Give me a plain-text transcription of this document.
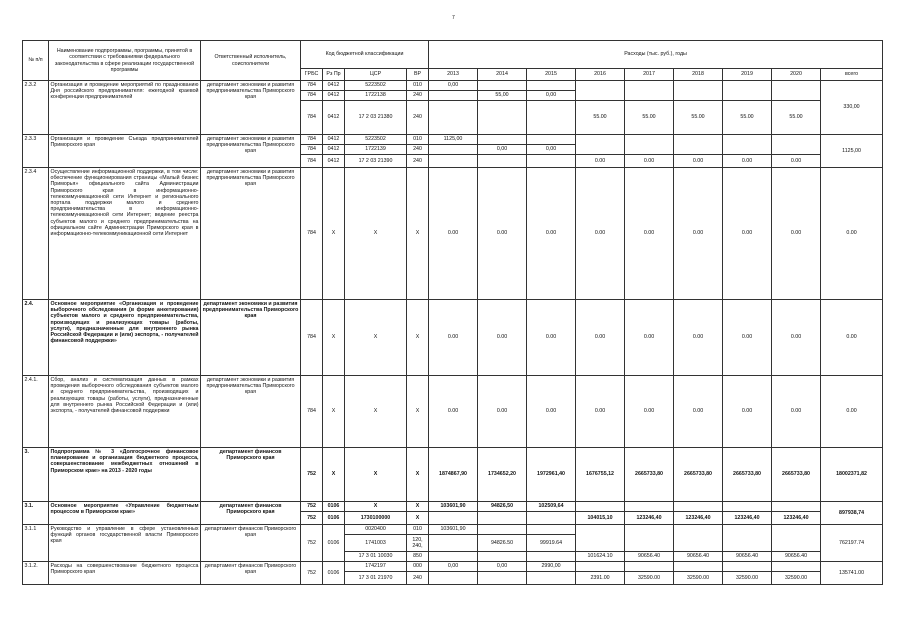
7
№ п/п	Наименование подпрограммы, программы, принятой в соответствии с требованиями федерального законодательства в сфере реализации государственной программы	Ответственный исполнитель, соисполнители	Код бюджетной классификации				Расходы (тыс. руб.), годы								
			ГРБС	Рз Пр	ЦСР	ВР	2013	2014	2015	2016	2017	2018	2019	2020	всего
2.3.2	Организация и проведение мероприятий по празднованию Дня российского предпринимателя: ежегодной краевой конференции предпринимателей	департамент экономики и развития предпринимательства Приморского края	784	0412	5223502	010	0,00								330,00
			784	0412	1722138	240		55,00	0,00						
			784	0412	17 2 03 21380	240				55.00	55.00	55.00	55.00	55.00	
2.3.3	Организация и проведение Съезда предпринимателей Приморского края	департамент экономики и развития предпринимательства Приморского края	784	0412	5223502	010	1125,00								1125,00
			784	0412	1722139	240		0,00	0,00						
			784	0412	17 2 03 21390	240				0.00	0.00	0.00	0.00	0.00	
2.3.4	Осуществление информационной поддержки, в том числе: обеспечение функционирования страницы «Малый бизнес Приморья» официального сайта Администрации Приморского края в информационно-телекоммуникационной сети Интернет и регионального портала поддержки малого и среднего предпринимательства в информационно-телекоммуникационной сети Интернет; ведение реестра субъектов малого и среднего предпринимательства на официальном сайте Администрации Приморского края в информационно-телекоммуникационной сети Интернет	департамент экономики и развития предпринимательства Приморского края	784	X	X	X	0.00	0.00	0.00	0.00	0.00	0.00	0.00	0.00	0.00
2.4.	Основное мероприятие «Организация и проведение выборочного обследования (в форме анкетирования) субъектов малого и среднего предпринимательства, производящих и реализующих товары (работы, услуги), предназначенные для внутреннего рынка Российской Федерации и (или) экспорта, - получателей финансовой поддержки»	департамент экономики и развития предпринимательства Приморского края	784	X	X	X	0.00	0.00	0.00	0.00	0.00	0.00	0.00	0.00	0.00
2.4.1.	Сбор, анализ и систематизация данных в рамках проведения выборочного обследования субъектов малого и среднего предпринимательства, производящих и реализующих товары (работы, услуги), предназначенные для внутреннего рынка Российской Федерации и (или) экспорта, - получателей финансовой поддержки	департамент экономики и развития предпринимательства Приморского края	784	X	X	X	0.00	0.00	0.00	0.00	0.00	0.00	0.00	0.00	0.00
3.	Подпрограмма № 3 «Долгосрочное финансовое планирование и организация бюджетного процесса, совершенствование межбюджетных отношений в Приморском крае» на 2013 - 2020 годы	департамент финансов Приморского края	752	X	X	X	1874867,90	1734652,20	1972961,40	1676755,12	2665733,80	2665733,80	2665733,80	2665733,80	18002371,82
3.1.	Основное мероприятие «Управление бюджетным процессом в Приморском крае»	департамент финансов Приморского края	752	0106	X	X	103601,90	94826,50	102509,64						897938,74
			752	0106	1730100000	X				104015,10	123246,40	123246,40	123246,40	123246,40	
3.1.1	Руководство и управление в сфере установленных функций органов государственной власти Приморского края	департамент финансов Приморского края	752	0106	0020400	010	103601,90								762197.74
					1741003	120, 240,		94826.50	99919.64						
					17 3 01 10030	850				101624.10	90656.40	90656.40	90656.40	90656.40	
3.1.2.	Расходы на совершенствование бюджетного процесса Приморского края	департамент финансов Приморского края	752	0106	1742197	000	0,00	0,00	2990,00						135741.00
					17 3 01 21970	240				2391.00	32590.00	32590.00	32590.00	32590.00	
